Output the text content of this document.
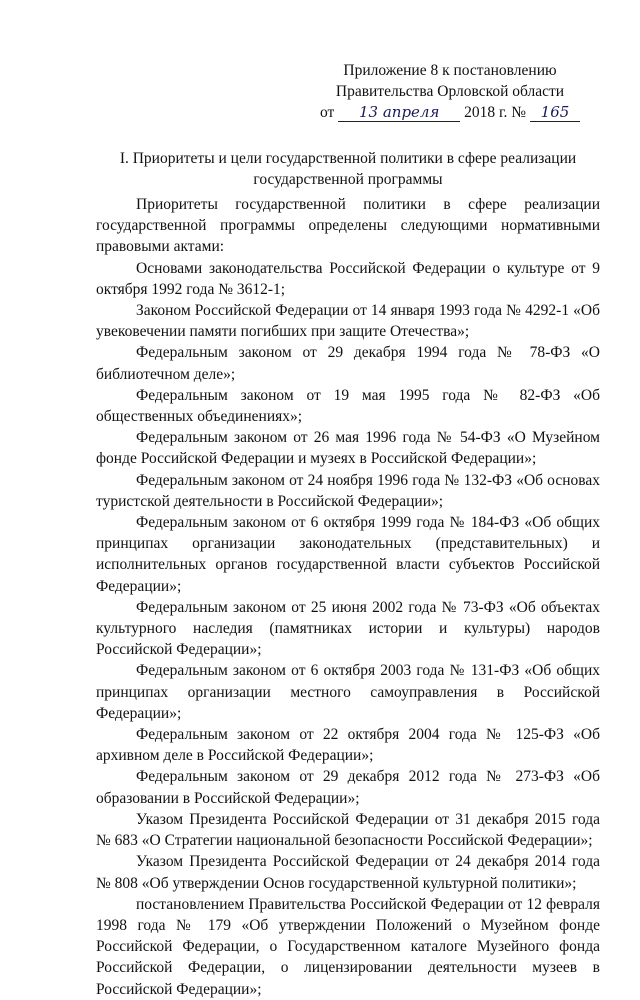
Приложение 8 к постановлению
Правительства Орловской области
от 13 апреля 2018 г. № 165
I. Приоритеты и цели государственной политики в сфере реализации
государственной программы

Приоритеты государственной политики в сфере реализации государственной программы определены следующими нормативными правовыми актами:

Основами законодательства Российской Федерации о культуре от 9 октября 1992 года № 3612-1;

Законом Российской Федерации от 14 января 1993 года № 4292-1 «Об увековечении памяти погибших при защите Отечества»;

Федеральным законом от 29 декабря 1994 года № 78-ФЗ «О библиотечном деле»;

Федеральным законом от 19 мая 1995 года № 82-ФЗ «Об общественных объединениях»;

Федеральным законом от 26 мая 1996 года № 54-ФЗ «О Музейном фонде Российской Федерации и музеях в Российской Федерации»;

Федеральным законом от 24 ноября 1996 года № 132-ФЗ «Об основах туристской деятельности в Российской Федерации»;

Федеральным законом от 6 октября 1999 года № 184-ФЗ «Об общих принципах организации законодательных (представительных) и исполнительных органов государственной власти субъектов Российской Федерации»;

Федеральным законом от 25 июня 2002 года № 73-ФЗ «Об объектах культурного наследия (памятниках истории и культуры) народов Российской Федерации»;

Федеральным законом от 6 октября 2003 года № 131-ФЗ «Об общих принципах организации местного самоуправления в Российской Федерации»;

Федеральным законом от 22 октября 2004 года № 125-ФЗ «Об архивном деле в Российской Федерации»;

Федеральным законом от 29 декабря 2012 года № 273-ФЗ «Об образовании в Российской Федерации»;

Указом Президента Российской Федерации от 31 декабря 2015 года № 683 «О Стратегии национальной безопасности Российской Федерации»;

Указом Президента Российской Федерации от 24 декабря 2014 года № 808 «Об утверждении Основ государственной культурной политики»;

постановлением Правительства Российской Федерации от 12 февраля 1998 года № 179 «Об утверждении Положений о Музейном фонде Российской Федерации, о Государственном каталоге Музейного фонда Российской Федерации, о лицензировании деятельности музеев в Российской Федерации»;
